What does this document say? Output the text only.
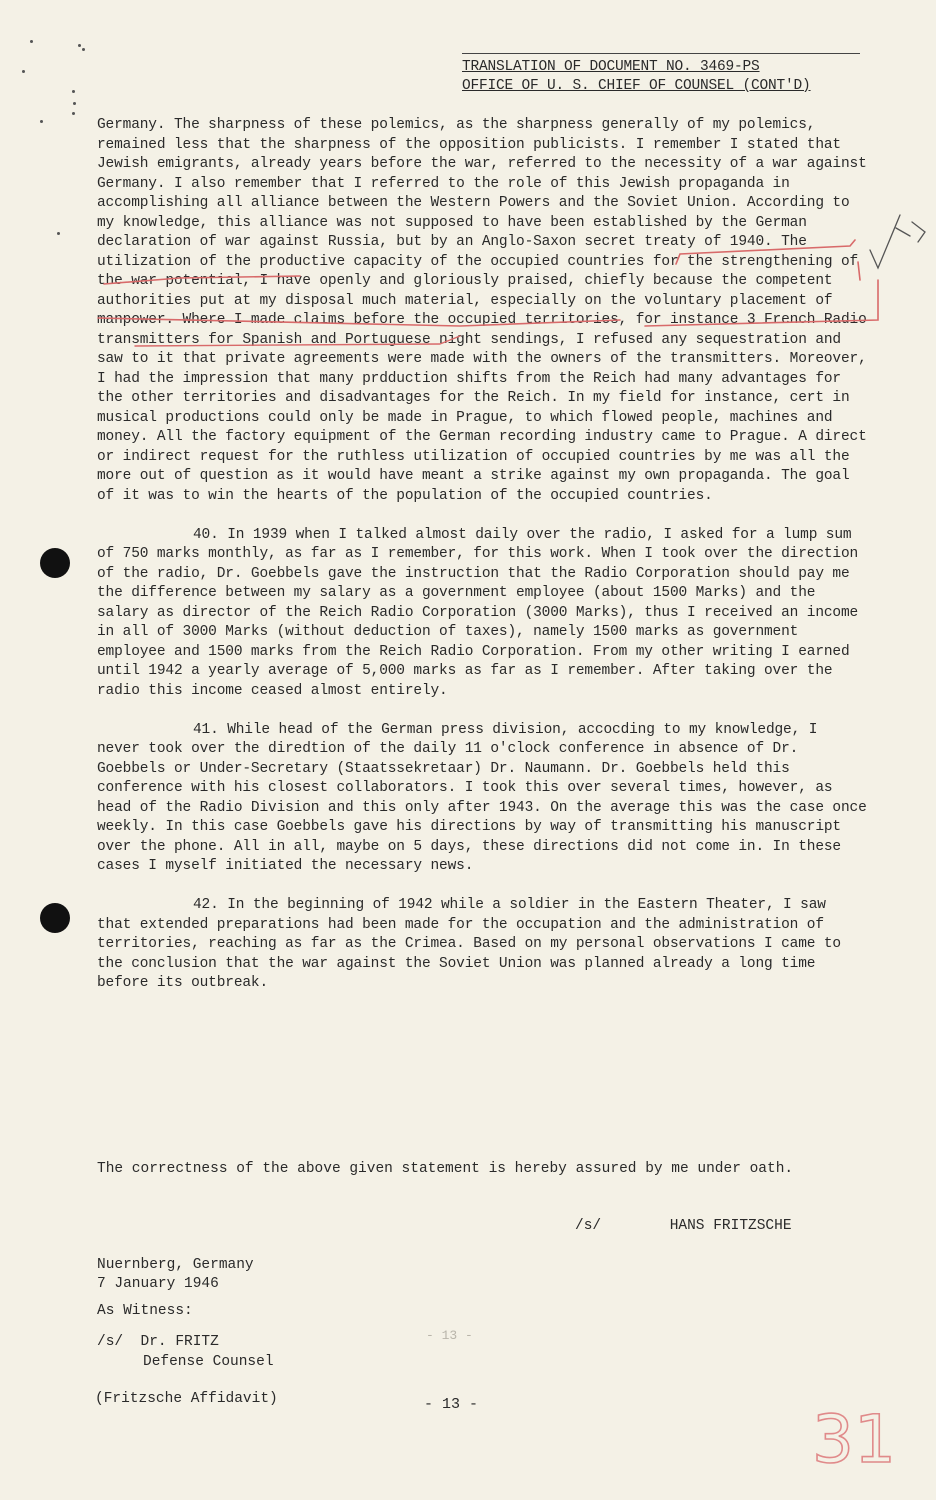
TRANSLATION OF DOCUMENT NO. 3469-PS
OFFICE OF U. S. CHIEF OF COUNSEL (CONT'D)

Germany. The sharpness of these polemics, as the sharpness generally of my polemics, remained less that the sharpness of the opposition publicists. I remember I stated that Jewish emigrants, already years before the war, referred to the necessity of a war against Germany. I also remember that I referred to the role of this Jewish propaganda in accomplishing all alliance between the Western Powers and the Soviet Union. According to my knowledge, this alliance was not supposed to have been established by the German declaration of war against Russia, but by an Anglo-Saxon secret treaty of 1940. The utilization of the productive capacity of the occupied countries for the strengthening of the war potential, I have openly and gloriously praised, chiefly because the competent authorities put at my disposal much material, especially on the voluntary placement of manpower. Where I made claims before the occupied territories, for instance 3 French Radio transmitters for Spanish and Portuguese night sendings, I refused any sequestration and saw to it that private agreements were made with the owners of the transmitters. Moreover, I had the impression that many prdduction shifts from the Reich had many advantages for the other territories and disadvantages for the Reich. In my field for instance, cert in musical productions could only be made in Prague, to which flowed people, machines and money. All the factory equipment of the German recording industry came to Prague. A direct or indirect request for the ruthless utilization of occupied countries by me was all the more out of question as it would have meant a strike against my own propaganda. The goal of it was to win the hearts of the population of the occupied countries.

40. In 1939 when I talked almost daily over the radio, I asked for a lump sum of 750 marks monthly, as far as I remember, for this work. When I took over the direction of the radio, Dr. Goebbels gave the instruction that the Radio Corporation should pay me the difference between my salary as a government employee (about 1500 Marks) and the salary as director of the Reich Radio Corporation (3000 Marks), thus I received an income in all of 3000 Marks (without deduction of taxes), namely 1500 marks as government employee and 1500 marks from the Reich Radio Corporation. From my other writing I earned until 1942 a yearly average of 5,000 marks as far as I remember. After taking over the radio this income ceased almost entirely.

41. While head of the German press division, accocding to my knowledge, I never took over the diredtion of the daily 11 o'clock conference in absence of Dr. Goebbels or Under-Secretary (Staatssekretaar) Dr. Naumann. Dr. Goebbels held this conference with his closest collaborators. I took this over several times, however, as head of the Radio Division and this only after 1943. On the average this was the case once weekly. In this case Goebbels gave his directions by way of transmitting his manuscript over the phone. All in all, maybe on 5 days, these directions did not come in. In these cases I myself initiated the necessary news.

42. In the beginning of 1942 while a soldier in the Eastern Theater, I saw that extended preparations had been made for the occupation and the administration of territories, reaching as far as the Crimea. Based on my personal observations I came to the conclusion that the war against the Soviet Union was planned already a long time before its outbreak.

The correctness of the above given statement is hereby assured by me under oath.
/s/	HANS FRITZSCHE
Nuernberg, Germany
7 January 1946
As Witness:
/s/ Dr. FRITZ
Defense Counsel
- 13 -
(Fritzsche Affidavit)	- 13 -	31
